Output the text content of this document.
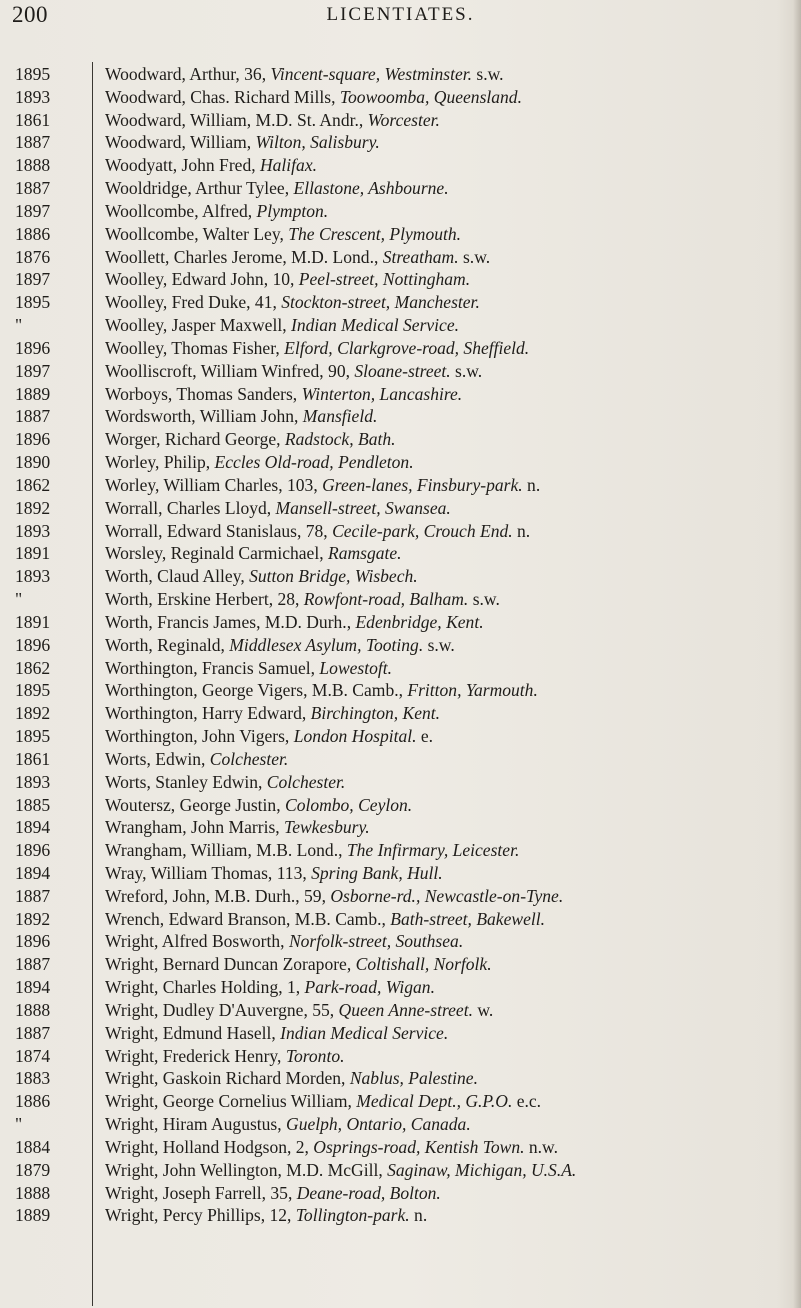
200	LICENTIATES.
1895
1893
1861
1887
1888
1887
1897
1886
1876
1897
1895
"
1896
1897
1889
1887
1896
1890
1862
1892
1893
1891
1893
"
1891
1896
1862
1895
1892
1895
1861
1893
1885
1894
1896
1894
1887
1892
1896
1887
1894
1888
1887
1874
1883
1886
"
1884
1879
1888
1889
Woodward, Arthur, 36, Vincent-square, Westminster. s.w.
Woodward, Chas. Richard Mills, Toowoomba, Queensland.
Woodward, William, M.D. St. Andr., Worcester.
Woodward, William, Wilton, Salisbury.
Woodyatt, John Fred, Halifax.
Wooldridge, Arthur Tylee, Ellastone, Ashbourne.
Woollcombe, Alfred, Plympton.
Woollcombe, Walter Ley, The Crescent, Plymouth.
Woollett, Charles Jerome, M.D. Lond., Streatham. s.w.
Woolley, Edward John, 10, Peel-street, Nottingham.
Woolley, Fred Duke, 41, Stockton-street, Manchester.
Woolley, Jasper Maxwell, Indian Medical Service.
Woolley, Thomas Fisher, Elford, Clarkgrove-road, Sheffield.
Woolliscroft, William Winfred, 90, Sloane-street. s.w.
Worboys, Thomas Sanders, Winterton, Lancashire.
Wordsworth, William John, Mansfield.
Worger, Richard George, Radstock, Bath.
Worley, Philip, Eccles Old-road, Pendleton.
Worley, William Charles, 103, Green-lanes, Finsbury-park. n.
Worrall, Charles Lloyd, Mansell-street, Swansea.
Worrall, Edward Stanislaus, 78, Cecile-park, Crouch End. n.
Worsley, Reginald Carmichael, Ramsgate.
Worth, Claud Alley, Sutton Bridge, Wisbech.
Worth, Erskine Herbert, 28, Rowfont-road, Balham. s.w.
Worth, Francis James, M.D. Durh., Edenbridge, Kent.
Worth, Reginald, Middlesex Asylum, Tooting. s.w.
Worthington, Francis Samuel, Lowestoft.
Worthington, George Vigers, M.B. Camb., Fritton, Yarmouth.
Worthington, Harry Edward, Birchington, Kent.
Worthington, John Vigers, London Hospital. e.
Worts, Edwin, Colchester.
Worts, Stanley Edwin, Colchester.
Woutersz, George Justin, Colombo, Ceylon.
Wrangham, John Marris, Tewkesbury.
Wrangham, William, M.B. Lond., The Infirmary, Leicester.
Wray, William Thomas, 113, Spring Bank, Hull.
Wreford, John, M.B. Durh., 59, Osborne-rd., Newcastle-on-Tyne.
Wrench, Edward Branson, M.B. Camb., Bath-street, Bakewell.
Wright, Alfred Bosworth, Norfolk-street, Southsea.
Wright, Bernard Duncan Zorapore, Coltishall, Norfolk.
Wright, Charles Holding, 1, Park-road, Wigan.
Wright, Dudley D'Auvergne, 55, Queen Anne-street. w.
Wright, Edmund Hasell, Indian Medical Service.
Wright, Frederick Henry, Toronto.
Wright, Gaskoin Richard Morden, Nablus, Palestine.
Wright, George Cornelius William, Medical Dept., G.P.O. e.c.
Wright, Hiram Augustus, Guelph, Ontario, Canada.
Wright, Holland Hodgson, 2, Osprings-road, Kentish Town. n.w.
Wright, John Wellington, M.D. McGill, Saginaw, Michigan, U.S.A.
Wright, Joseph Farrell, 35, Deane-road, Bolton.
Wright, Percy Phillips, 12, Tollington-park. n.
